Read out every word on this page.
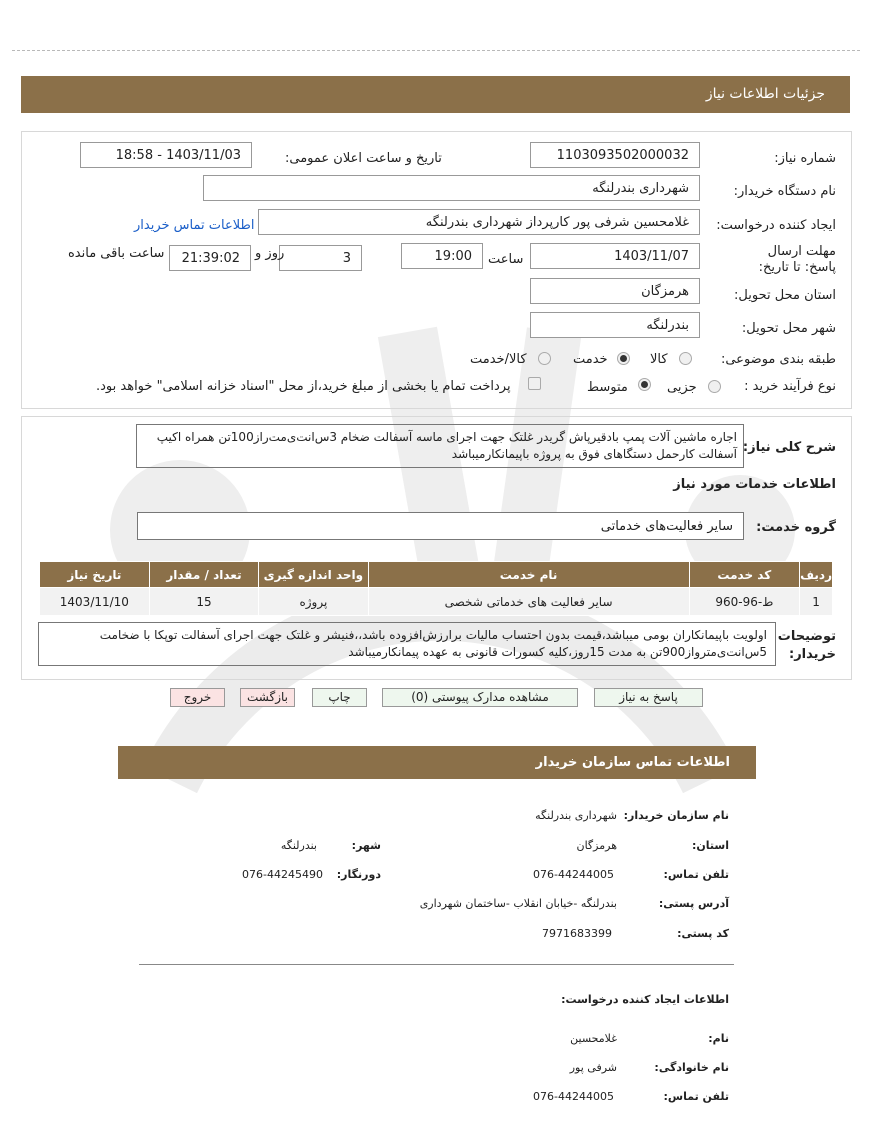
جزئیات اطلاعات نیاز
شماره نیاز:
1103093502000032
تاریخ و ساعت اعلان عمومی:
1403/11/03 - 18:58
نام دستگاه خریدار:
شهرداری بندرلنگه
ایجاد کننده درخواست:
غلامحسین شرفی پور کارپرداز شهرداری بندرلنگه
اطلاعات تماس خریدار
مهلت ارسال پاسخ: تا تاریخ:
1403/11/07
ساعت
19:00
3
روز و
21:39:02
ساعت باقی مانده
استان محل تحویل:
هرمزگان
شهر محل تحویل:
بندرلنگه
طبقه بندی موضوعی:
کالا
خدمت
کالا/خدمت
نوع فرآیند خرید :
جزیی
متوسط
پرداخت تمام یا بخشی از مبلغ خرید،از محل "اسناد خزانه اسلامی" خواهد بود.
شرح کلی نیاز:
اجاره ماشین آلات پمپ بادقیرپاش گریدر غلتک جهت اجرای ماسه آسفالت ضخام 3س‌انت‌ی‌مت‌ر‌از100تن همراه اکیپ آسفالت کارحمل دستگاهای فوق به پروژه باپیمانکارمیباشد
اطلاعات خدمات مورد نیاز
گروه خدمت:
سایر فعالیت‌های خدماتی
ردیف	کد خدمت	نام خدمت	واحد اندازه گیری	تعداد / مقدار	تاریخ نیاز
1	ط-96-960	سایر فعالیت های خدماتی شخصی	پروژه	15	1403/11/10
توضیحات خریدار:
اولویت باپیمانکاران بومی میباشد،قیمت بدون احتساب مالیات برارزش‌افزوده باشد،،فنیشر و غلتک جهت اجرای آسفالت توپکا با ضخامت 5س‌انت‌ی‌متر‌و‌از900تن به مدت 15روز،کلیه کسورات قانونی به عهده پیمانکارمیباشد
پاسخ به نیاز
مشاهده مدارک پیوستی (0)
چاپ
بازگشت
خروج
اطلاعات تماس سازمان خریدار
نام سازمان خریدار:
شهرداری بندرلنگه
استان:
هرمزگان
شهر:
بندرلنگه
تلفن تماس:
076-44244005
دورنگار:
076-44245490
آدرس پستی:
بندرلنگه -خیابان انقلاب -ساختمان شهرداری
کد پستی:
7971683399
اطلاعات ایجاد کننده درخواست:
نام:
غلامحسین
نام خانوادگی:
شرفی پور
تلفن تماس:
076-44244005
